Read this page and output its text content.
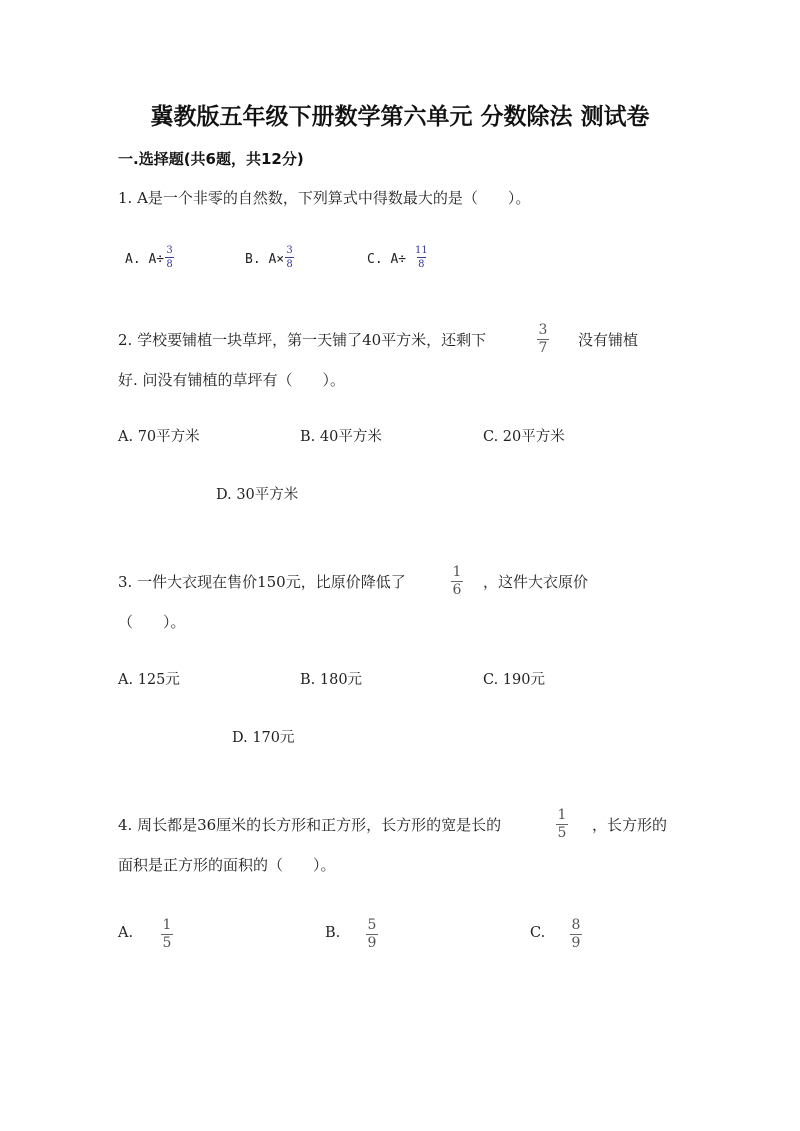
冀教版五年级下册数学第六单元 分数除法 测试卷
一.选择题(共6题，共12分)
1. A是一个非零的自然数，下列算式中得数最大的是（　　）。
A. A÷
3
8	B. A×
3
8	C. A÷
11
8
2. 学校要铺植一块草坪，第一天铺了40平方米，还剩下
3
7 没有铺植
好. 问没有铺植的草坪有（　　）。
A. 70平方米	B. 40平方米	C. 20平方米
D. 30平方米
3. 一件大衣现在售价150元，比原价降低了
1
6 ，这件大衣原价
（　　）。
A. 125元	B. 180元	C. 190元
D. 170元
4. 周长都是36厘米的长方形和正方形，长方形的宽是长的
1
5 ，长方形的
面积是正方形的面积的（　　）。
A. 1
5
B. 5
9
C. 8
9
